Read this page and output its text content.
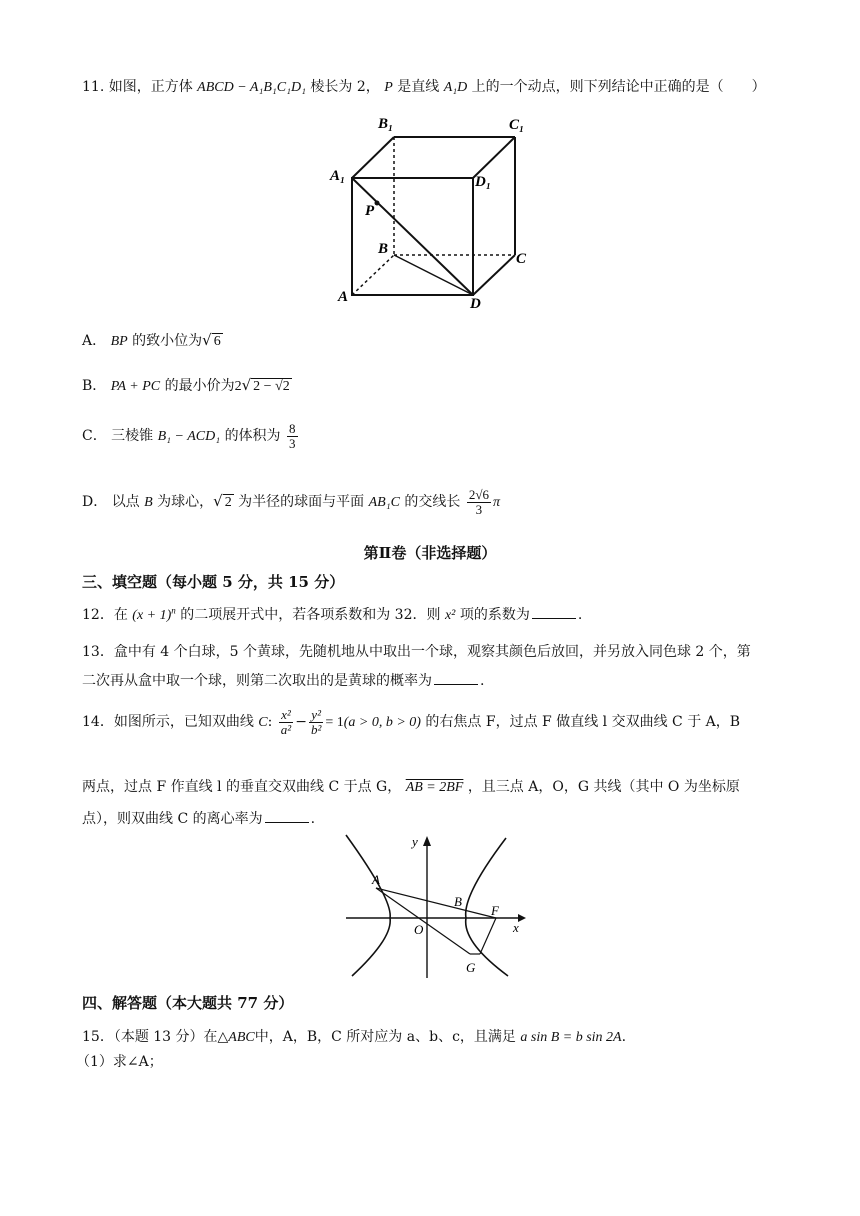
11. 如图，正方体 ABCD − A₁B₁C₁D₁ 棱长为 2， P 是直线 A₁D 上的一个动点，则下列结论中正确的是（　　）
B₁	C₁
A₁	D₁
P
B
C
A	D
A． BP 的致小位为√ 6
B． PA + PC 的最小价为2√ 2 − √2
C． 三棱锥 B₁ − ACD₁ 的体积为 $\frac{8}{3}$
D． 以点 B 为球心，√ 2 为半径的球面与平面 AB₁C 的交线长 $\frac{2√6}{3}$ π
第Ⅱ卷（非选择题）
三、填空题（每小题 5 分，共 15 分）
12．在 $(x + 1)^n$ 的二项展开式中，若各项系数和为 32．则 x² 项的系数为	.
13．盒中有 4 个白球，5 个黄球，先随机地从中取出一个球，观察其颜色后放回，并另放入同色球 2 个，第
二次再从盒中取一个球，则第二次取出的是黄球的概率为	.
14．如图所示，已知双曲线 C: $\frac{\text{x²}}{\text{a²}} - \frac{\text{y²}}{\text{b²}} = 1(a > 0$, b > 0) 的右焦点 F，过点 F 做直线 l 交双曲线 C 于 A，B
两点，过点 F 作直线 l 的垂直交双曲线 C 于点 G， AB = 2BF ，且三点 A，O，G 共线（其中 O 为坐标原
点），则双曲线 C 的离心率为	.
y
x
A
B
F
O
G
四、解答题（本大题共 77 分）
15．（本题 13 分）在△ABC中，A，B，C 所对应为 a、b、c，且满足 a sin B = b sin 2A.
（1）求∠A；
